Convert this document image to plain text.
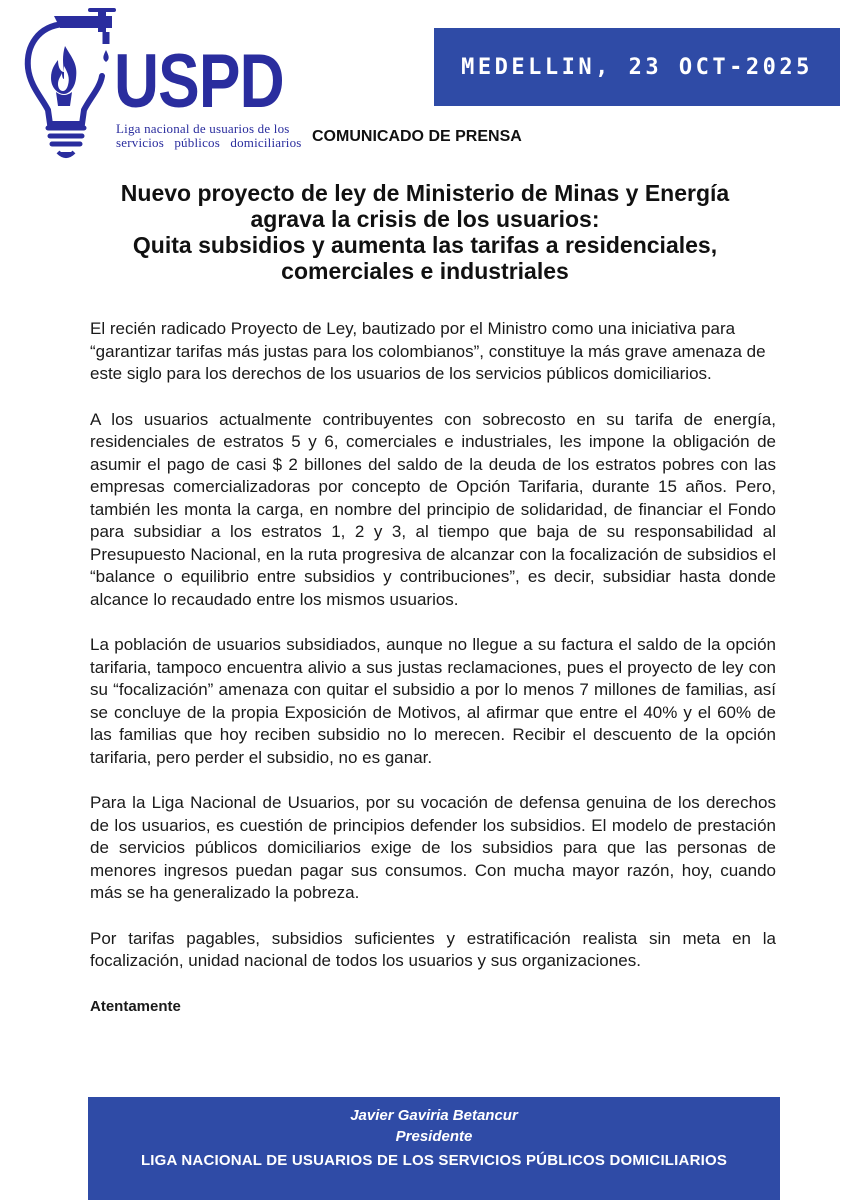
USPD
Liga nacional de usuarios de los
servicios   públicos   domiciliarios
MEDELLIN, 23 OCT-2025
COMUNICADO DE PRENSA
Nuevo proyecto de ley de Ministerio de Minas y Energía
agrava la crisis de los usuarios:
Quita subsidios y aumenta las tarifas a residenciales,
comerciales e industriales

El recién radicado Proyecto de Ley, bautizado por el Ministro como una iniciativa para “garantizar tarifas más justas para los colombianos”, constituye la más grave amenaza de este siglo para los derechos de los usuarios de los servicios públicos domiciliarios.

A los usuarios actualmente contribuyentes con sobrecosto en su tarifa de energía, residenciales de estratos 5 y 6, comerciales e industriales, les impone la obligación de asumir el pago de casi $ 2 billones del saldo de la deuda de los estratos pobres con las empresas comercializadoras por concepto de Opción Tarifaria, durante 15 años. Pero, también les monta la carga, en nombre del principio de solidaridad, de financiar el Fondo para subsidiar a los estratos 1, 2 y 3, al tiempo que baja de su responsabilidad al Presupuesto Nacional, en la ruta progresiva de alcanzar con la focalización de subsidios el “balance o equilibrio entre subsidios y contribuciones”, es decir, subsidiar hasta donde alcance lo recaudado entre los mismos usuarios.

La población de usuarios subsidiados, aunque no llegue a su factura el saldo de la opción tarifaria, tampoco encuentra alivio a sus justas reclamaciones, pues el proyecto de ley con su “focalización” amenaza con quitar el subsidio a por lo menos 7 millones de familias, así se concluye de la propia Exposición de Motivos, al afirmar que entre el 40% y el 60% de las familias que hoy reciben subsidio no lo merecen. Recibir el descuento de la opción tarifaria, pero perder el subsidio, no es ganar.

Para la Liga Nacional de Usuarios, por su vocación de defensa genuina de los derechos de los usuarios, es cuestión de principios defender los subsidios. El modelo de prestación de servicios públicos domiciliarios exige de los subsidios para que las personas de menores ingresos puedan pagar sus consumos. Con mucha mayor razón, hoy, cuando más se ha generalizado la pobreza.

Por tarifas pagables, subsidios suficientes y estratificación realista sin meta en la focalización, unidad nacional de todos los usuarios y sus organizaciones.

Atentamente

Javier Gaviria Betancur
Presidente
LIGA NACIONAL DE USUARIOS DE LOS SERVICIOS PÚBLICOS DOMICILIARIOS
